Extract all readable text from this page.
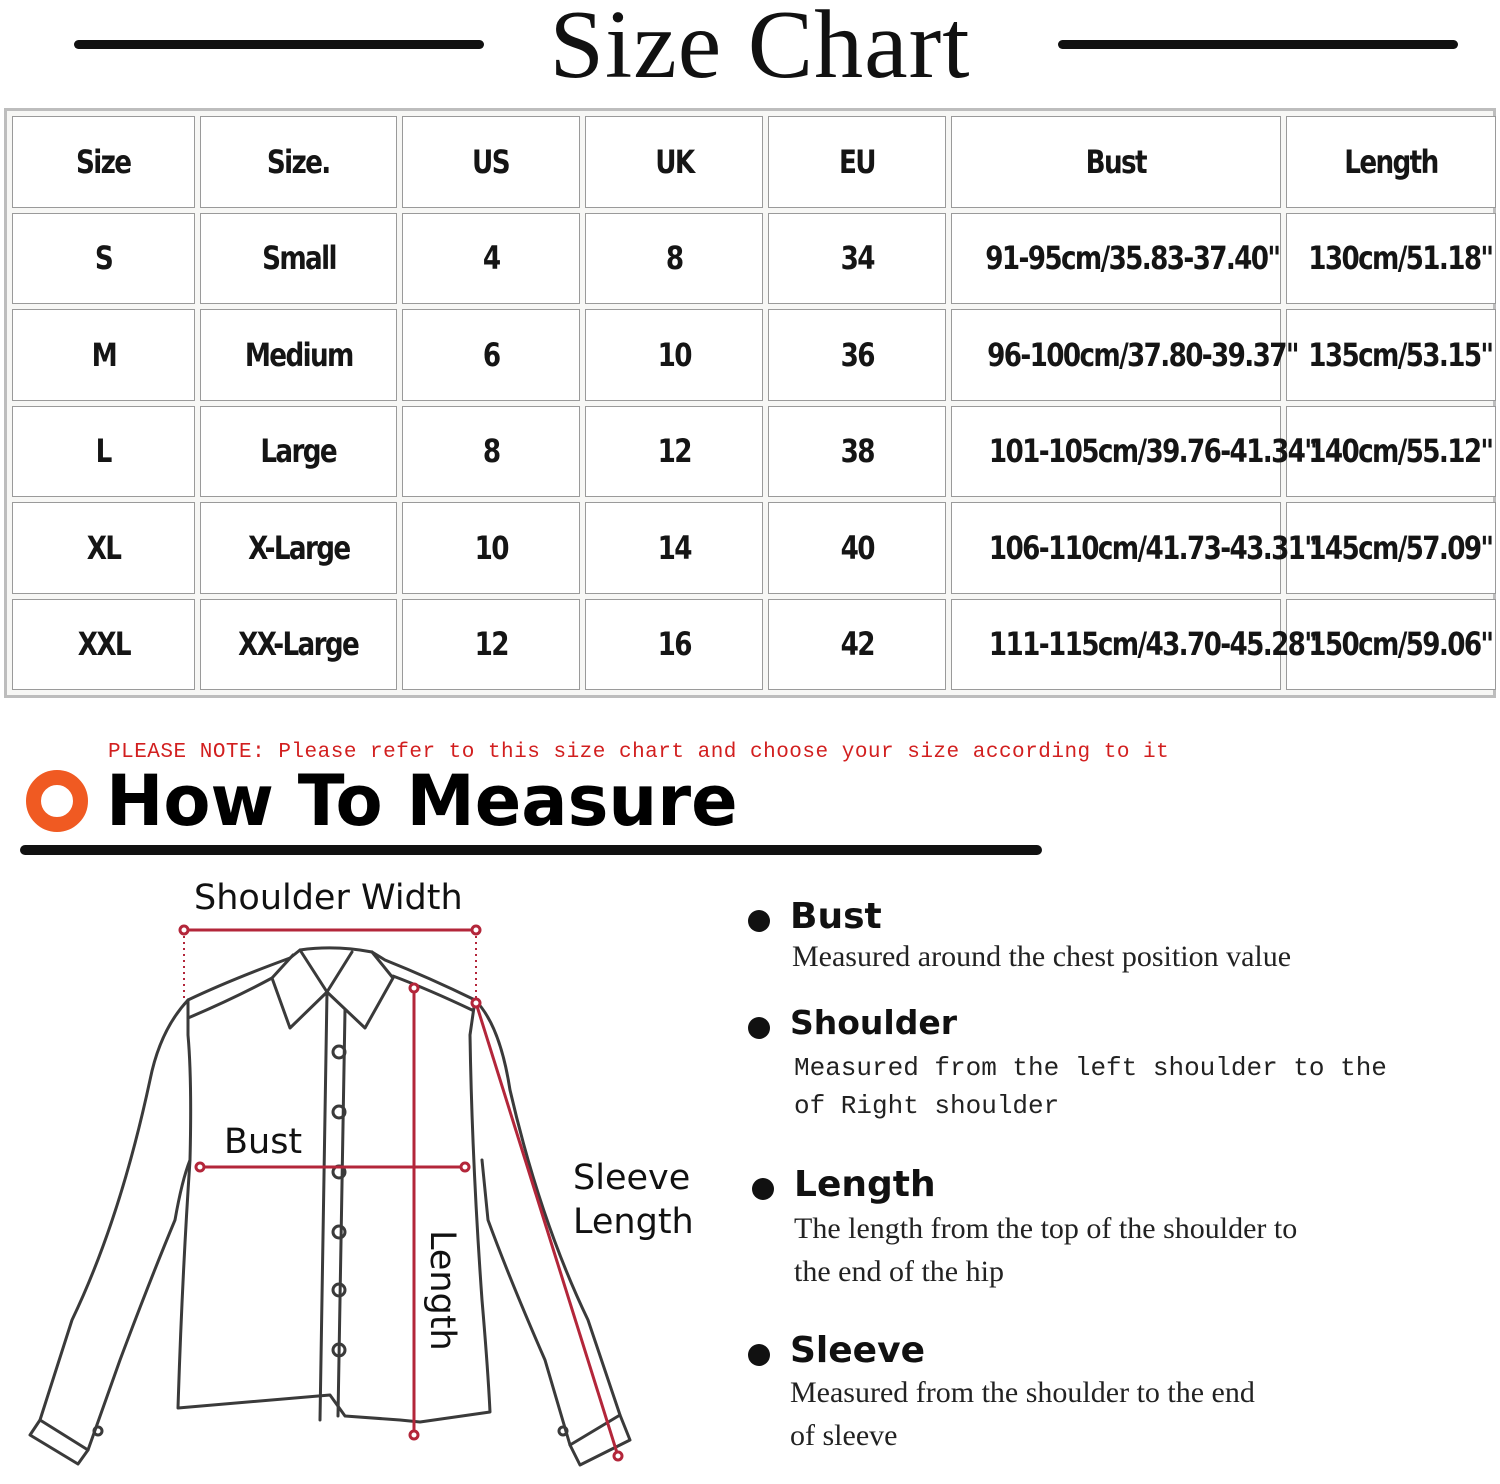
Size Chart
Size	Size.	US	UK	EU	Bust	Length
S	Small	4	8	34	91-95cm/35.83-37.40"	130cm/51.18"
M	Medium	6	10	36	96-100cm/37.80-39.37"	135cm/53.15"
L	Large	8	12	38	101-105cm/39.76-41.34"	140cm/55.12"
XL	X-Large	10	14	40	106-110cm/41.73-43.31"	145cm/57.09"
XXL	XX-Large	12	16	42	111-115cm/43.70-45.28"	150cm/59.06"
PLEASE NOTE: Please refer to this size chart and choose your size according to it
How To Measure
Shoulder Width
Bust
Sleeve
Length
Length
Bust
Measured around the chest position value
Shoulder
Measured from the left shoulder to the
of Right shoulder
Length
The length from the top of the shoulder to
the end of the hip
Sleeve
Measured from the shoulder to the end
of sleeve
